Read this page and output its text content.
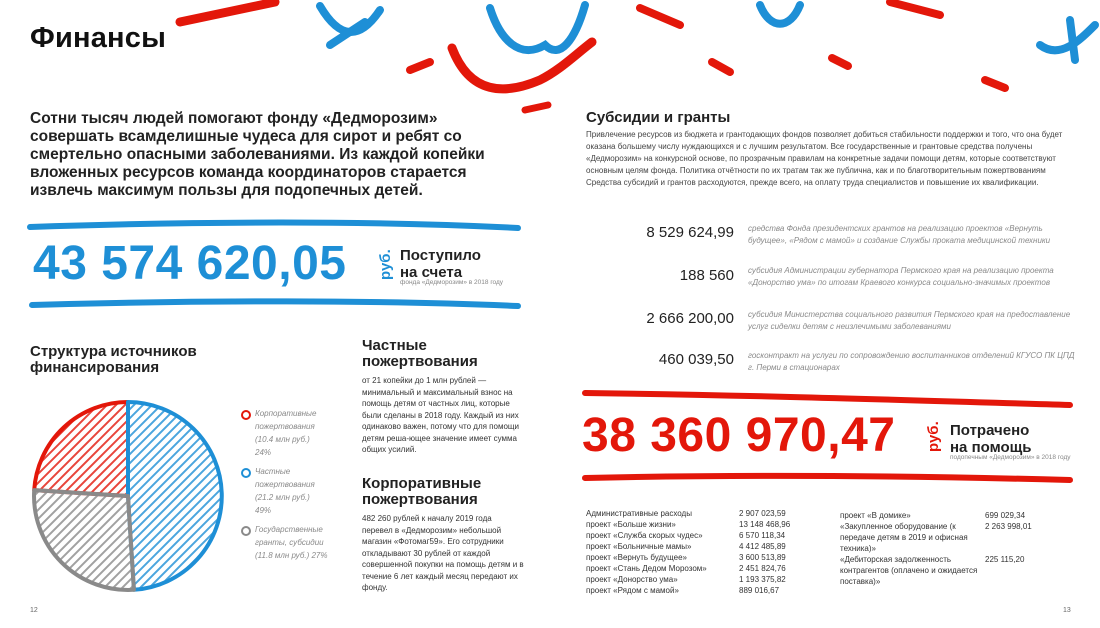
Финансы
Сотни тысяч людей помогают фонду «Дедморозим» совершать всамделишные чудеса для сирот и ребят со смертельно опасными заболеваниями. Из каждой копейки вложенных ресурсов команда координаторов старается извлечь максимум пользы для подопечных детей.
43 574 620,05 руб. Поступило
на счета
фонда «Дедморозим» в 2018 году
Структура источников
финансирования
Корпоративные пожертвования
(10.4 млн руб.)
24%
Частные пожертвования
(21.2 млн руб.)
49%
Государственные гранты, субсидии
(11.8 млн руб.) 27%
Частные
пожертвования
от 21 копейки до 1 млн рублей — минимальный и максимальный взнос на помощь детям от частных лиц, которые были сделаны в 2018 году. Каждый из них одинаково важен, потому что для помощи детям реша-ющее значение имеет сумма общих усилий.
Корпоративные
пожертвования
482 260 рублей к началу 2019 года перевел в «Дедморозим» небольшой магазин «Фотомаг59». Его сотрудники откладывают 30 рублей от каждой совершенной покупки на помощь детям и в течение 6 лет каждый месяц передают их фонду.
12
Субсидии и гранты
Привлечение ресурсов из бюджета и грантодающих фондов позволяет добиться стабильности поддержки и того, что она будет оказана большему числу нуждающихся и с лучшим результатом. Все государственные и грантовые средства получены «Дедморозим» на конкурсной основе, по прозрачным правилам на конкретные задачи помощи детям, которые соответствуют основным целям фонда. Политика отчётности по их тратам так же публична, как и по благотворительным пожертвованиям Средства субсидий и грантов расходуются, прежде всего, на оплату труда специалистов и повышение их квалификации.
8 529 624,99 средства Фонда президентских грантов на реализацию проектов «Вернуть будущее», «Рядом с мамой» и создание Службы проката медицинской техники
188 560 субсидия Администрации губернатора Пермского края на реализацию проекта «Донорство ума» по итогам Краевого конкурса социально-значимых проектов
2 666 200,00 субсидия Министерства социального развития Пермского края на предоставление услуг сиделки детям с неизлечимыми заболеваниями
460 039,50 госконтракт на услуги по сопровождению воспитанников отделений КГУСО ПК ЦПД г. Перми в стационарах
38 360 970,47 руб. Потрачено
на помощь
подопечным «Дедморозим» в 2018 году
Административные расходы	2 907 023,59
проект «Больше жизни»	13 148 468,96
проект «Служба скорых чудес»	6 570 118,34
проект «Больничные мамы»	4 412 485,89
проект «Вернуть будущее»	3 600 513,89
проект «Стань Дедом Морозом»	2 451 824,76
проект «Донорство ума»	1 193 375,82
проект «Рядом с мамой»	889 016,67
проект «В домике»	699 029,34
«Закупленное оборудование (к передаче детям в 2019 и офисная техника)»
2 263 998,01
«Дебиторская задолженность контрагентов (оплачено и ожидается поставка)»
225 115,20
13
